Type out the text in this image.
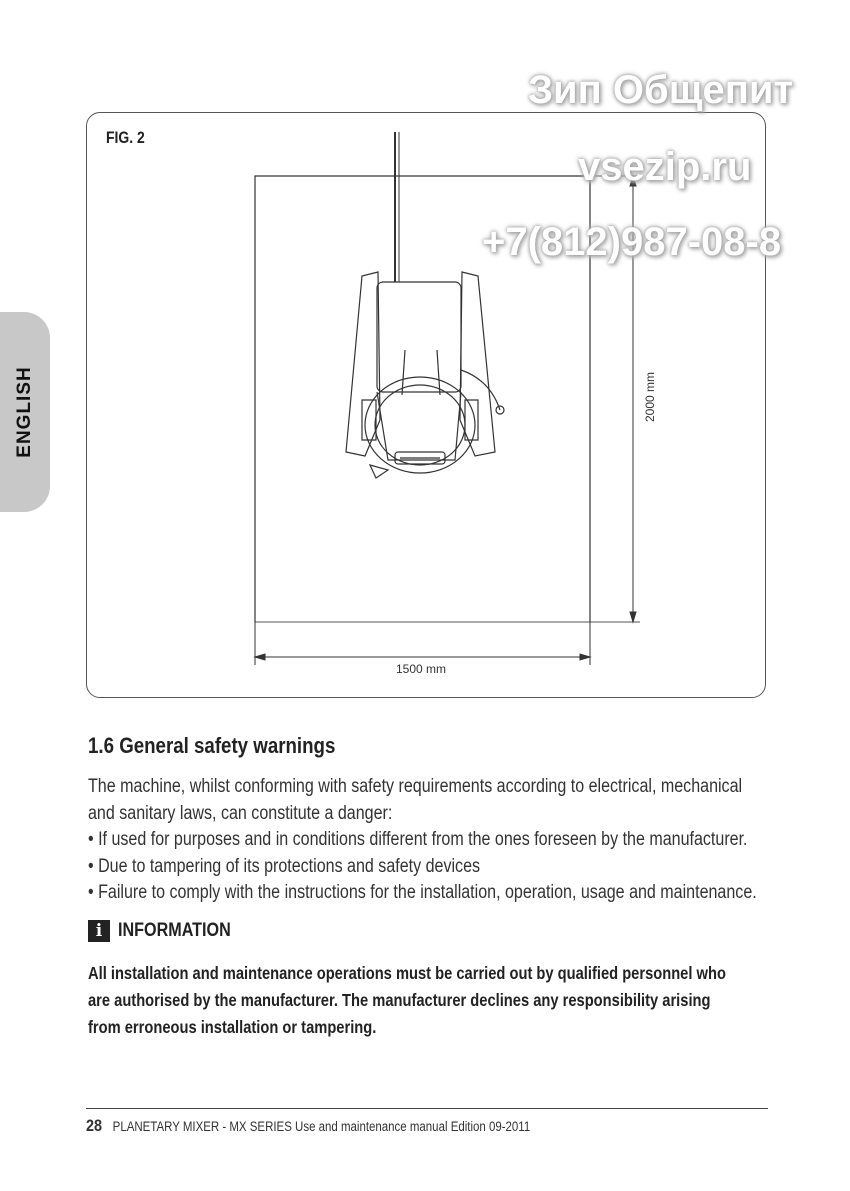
ENGLISH
FIG. 2
2000 mm
1500 mm
Зип Общепит
vsezip.ru
+7(812)987-08-8
1.6 General safety warnings

The machine, whilst conforming with safety requirements according to electrical, mechanical

and sanitary laws, can constitute a danger:

• If used for purposes and in conditions different from the ones foreseen by the manufacturer.

• Due to tampering of its protections and safety devices

• Failure to comply with the instructions for the installation, operation, usage and maintenance.

i INFORMATION

All installation and maintenance operations must be carried out by qualified personnel who

are authorised by the manufacturer. The manufacturer declines any responsibility arising

from erroneous installation or tampering.

28 PLANETARY MIXER - MX SERIES Use and maintenance manual Edition 09-2011
